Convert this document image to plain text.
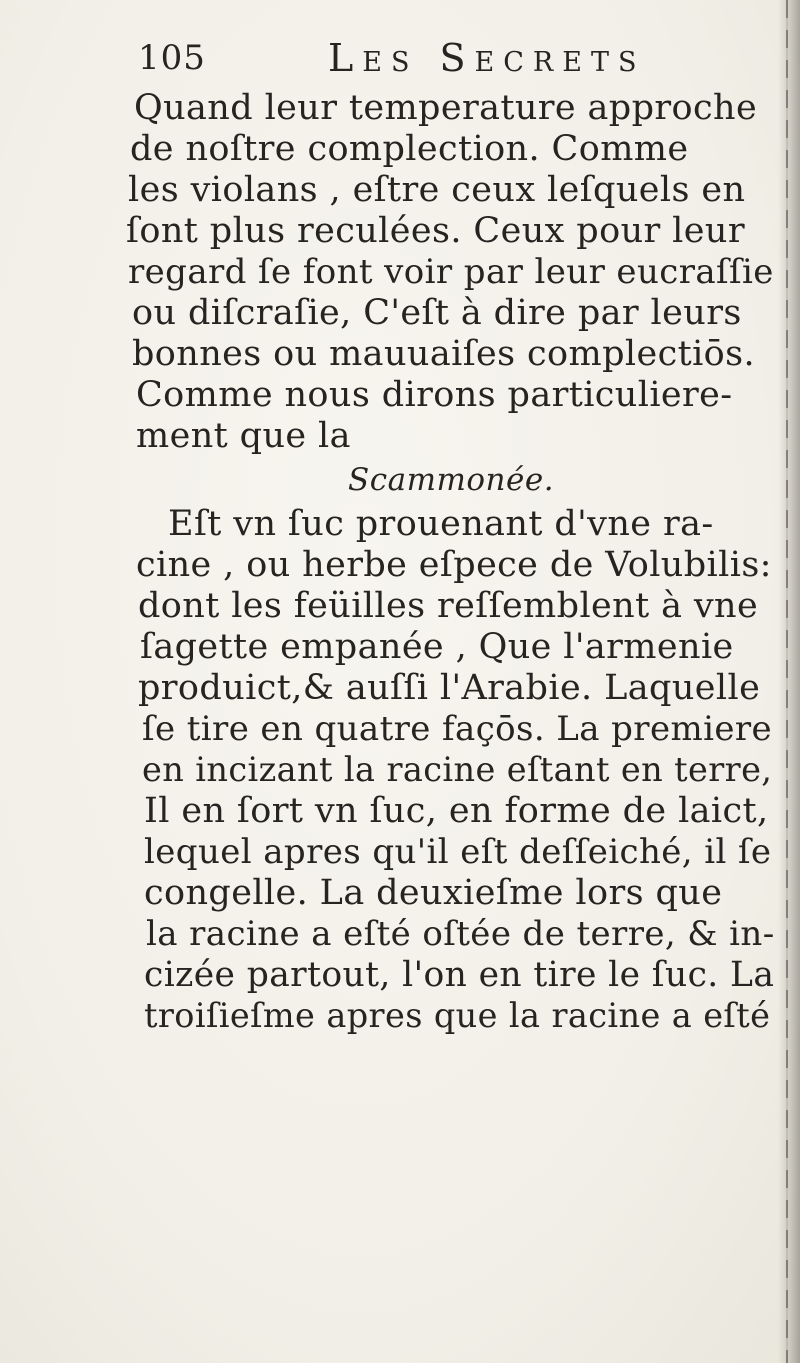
105	Les Secrets
Quand leur temperature approche
de noſtre complection. Comme
les violans , eſtre ceux leſquels en
ſont plus reculées. Ceux pour leur
regard ſe font voir par leur eucraſſie
ou diſcraſie, C'eſt à dire par leurs
bonnes ou mauuaiſes complectiōs.
Comme nous dirons particuliere-
ment que la
Scammonée.
Eſt vn ſuc prouenant d'vne ra-
cine , ou herbe eſpece de Volubilis:
dont les feüilles reſſemblent à vne
ſagette empanée , Que l'armenie
produict,& auſſi l'Arabie. Laquelle
ſe tire en quatre façōs. La premiere
en incizant la racine eſtant en terre,
Il en ſort vn ſuc, en forme de laict,
lequel apres qu'il eſt deſſeiché, il ſe
congelle. La deuxieſme lors que
la racine a eſté oſtée de terre, & in-
cizée partout, l'on en tire le ſuc. La
troiſieſme apres que la racine a eſté
